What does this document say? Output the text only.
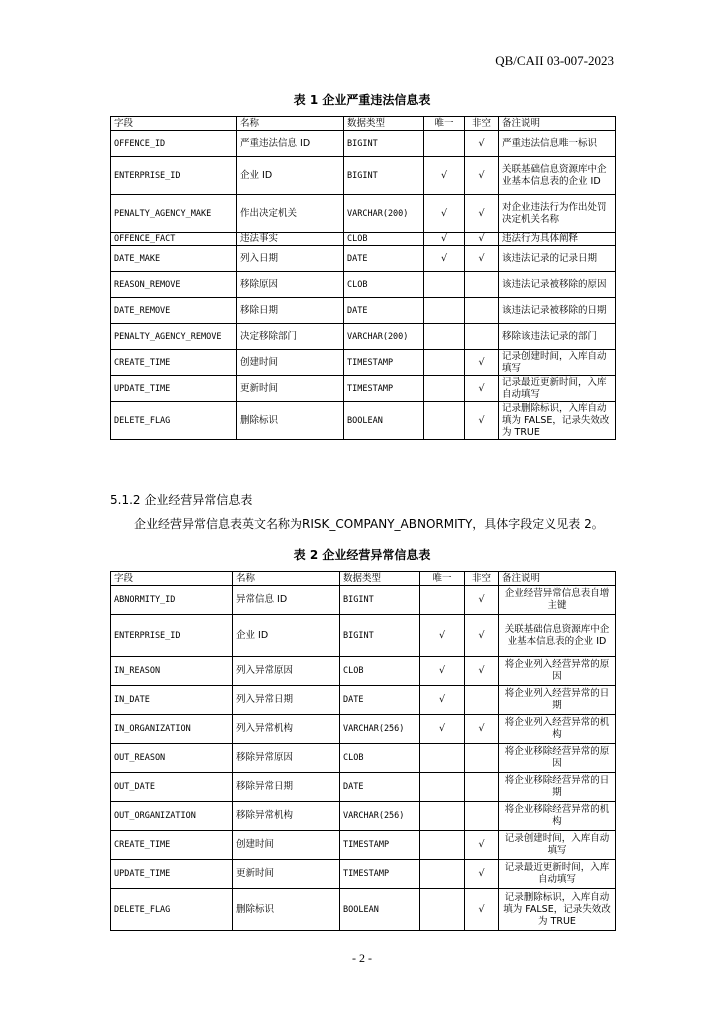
QB/CAII 03-007-2023
表 1 企业严重违法信息表
字段	名称	数据类型	唯一	非空	备注说明
OFFENCE_ID	严重违法信息 ID	BIGINT		√	严重违法信息唯一标识
ENTERPRISE_ID	企业 ID	BIGINT	√	√	关联基础信息资源库中企业基本信息表的企业 ID
PENALTY_AGENCY_MAKE	作出决定机关	VARCHAR(200)	√	√	对企业违法行为作出处罚决定机关名称
OFFENCE_FACT	违法事实	CLOB	√	√	违法行为具体阐释
DATE_MAKE	列入日期	DATE	√	√	该违法记录的记录日期
REASON_REMOVE	移除原因	CLOB			该违法记录被移除的原因
DATE_REMOVE	移除日期	DATE			该违法记录被移除的日期
PENALTY_AGENCY_REMOVE	决定移除部门	VARCHAR(200)			移除该违法记录的部门
CREATE_TIME	创建时间	TIMESTAMP		√	记录创建时间，入库自动填写
UPDATE_TIME	更新时间	TIMESTAMP		√	记录最近更新时间，入库自动填写
DELETE_FLAG	删除标识	BOOLEAN		√	记录删除标识，入库自动填为 FALSE，记录失效改为 TRUE
5.1.2 企业经营异常信息表
企业经营异常信息表英文名称为RISK_COMPANY_ABNORMITY，具体字段定义见表 2。
表 2 企业经营异常信息表
字段	名称	数据类型	唯一	非空	备注说明
ABNORMITY_ID	异常信息 ID	BIGINT		√	企业经营异常信息表自增主键
ENTERPRISE_ID	企业 ID	BIGINT	√	√	关联基础信息资源库中企业基本信息表的企业 ID
IN_REASON	列入异常原因	CLOB	√	√	将企业列入经营异常的原因
IN_DATE	列入异常日期	DATE	√		将企业列入经营异常的日期
IN_ORGANIZATION	列入异常机构	VARCHAR(256)	√	√	将企业列入经营异常的机构
OUT_REASON	移除异常原因	CLOB			将企业移除经营异常的原因
OUT_DATE	移除异常日期	DATE			将企业移除经营异常的日期
OUT_ORGANIZATION	移除异常机构	VARCHAR(256)			将企业移除经营异常的机构
CREATE_TIME	创建时间	TIMESTAMP		√	记录创建时间，入库自动填写
UPDATE_TIME	更新时间	TIMESTAMP		√	记录最近更新时间，入库自动填写
DELETE_FLAG	删除标识	BOOLEAN		√	记录删除标识，入库自动填为 FALSE，记录失效改为 TRUE
- 2 -
